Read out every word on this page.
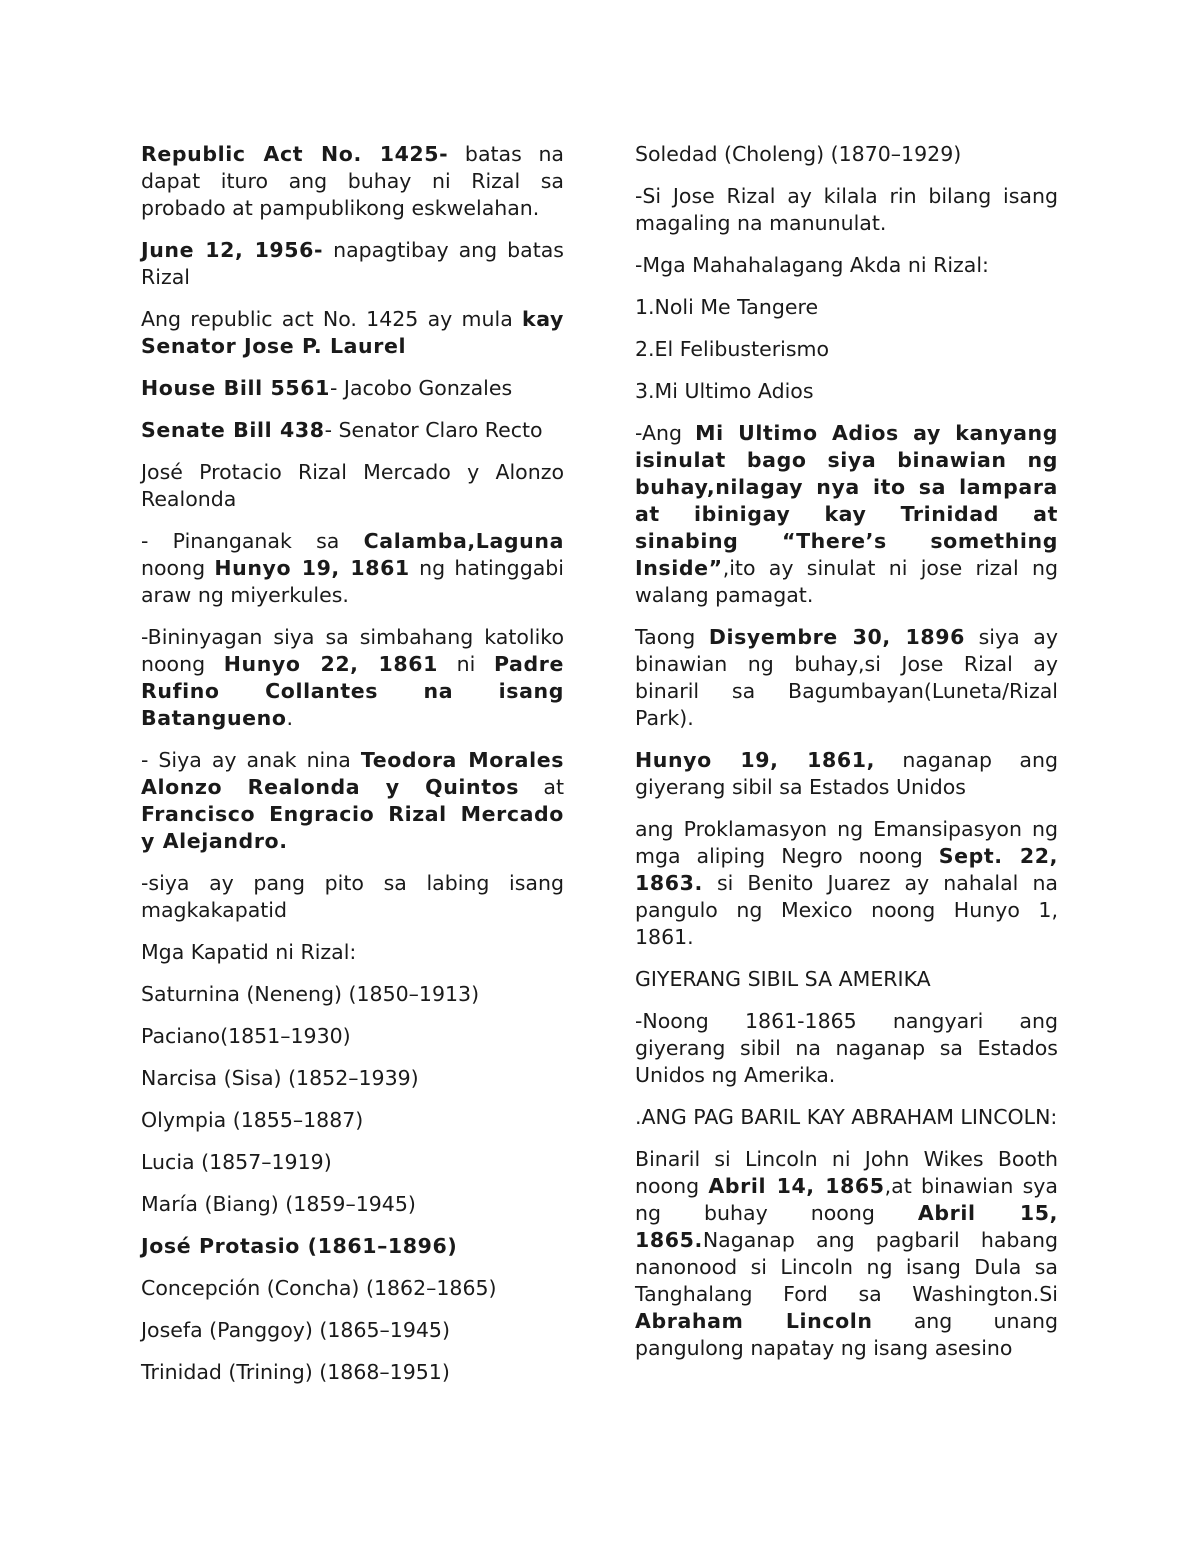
Republic Act No. 1425- batas na dapat ituro ang buhay ni Rizal sa probado at pampublikong eskwelahan.

June 12, 1956- napagtibay ang batas Rizal

Ang republic act No. 1425 ay mula kay Senator Jose P. Laurel

House Bill 5561- Jacobo Gonzales

Senate Bill 438- Senator Claro Recto

José Protacio Rizal Mercado y Alonzo Realonda

- Pinanganak sa Calamba,Laguna noong Hunyo 19, 1861 ng hatinggabi araw ng miyerkules.

-Bininyagan siya sa simbahang katoliko noong Hunyo 22, 1861 ni Padre Rufino Collantes na isang Batangueno.

- Siya ay anak nina Teodora Morales Alonzo Realonda y Quintos at Francisco Engracio Rizal Mercado y Alejandro.

-siya ay pang pito sa labing isang magkakapatid

Mga Kapatid ni Rizal:

Saturnina (Neneng) (1850–1913)

Paciano(1851–1930)

Narcisa (Sisa) (1852–1939)

Olympia (1855–1887)

Lucia (1857–1919)

María (Biang) (1859–1945)

José Protasio (1861–1896)

Concepción (Concha) (1862–1865)

Josefa (Panggoy) (1865–1945)

Trinidad (Trining) (1868–1951)

Soledad (Choleng) (1870–1929)

-Si Jose Rizal ay kilala rin bilang isang magaling na manunulat.

-Mga Mahahalagang Akda ni Rizal:

1.Noli Me Tangere

2.El Felibusterismo

3.Mi Ultimo Adios

-Ang Mi Ultimo Adios ay kanyang isinulat bago siya binawian ng buhay,nilagay nya ito sa lampara at ibinigay kay Trinidad at sinabing “There’s something Inside”,ito ay sinulat ni jose rizal ng walang pamagat.

Taong Disyembre 30, 1896 siya ay binawian ng buhay,si Jose Rizal ay binaril sa Bagumbayan(Luneta/Rizal Park).

Hunyo 19, 1861, naganap ang giyerang sibil sa Estados Unidos

ang Proklamasyon ng Emansipasyon ng mga aliping Negro noong Sept. 22, 1863. si Benito Juarez ay nahalal na pangulo ng Mexico noong Hunyo 1, 1861.

GIYERANG SIBIL SA AMERIKA

-Noong 1861-1865 nangyari ang giyerang sibil na naganap sa Estados Unidos ng Amerika.

.ANG PAG BARIL KAY ABRAHAM LINCOLN:

Binaril si Lincoln ni John Wikes Booth noong Abril 14, 1865,at binawian sya ng buhay noong Abril 15, 1865.Naganap ang pagbaril habang nanonood si Lincoln ng isang Dula sa Tanghalang Ford sa Washington.Si Abraham Lincoln ang unang pangulong napatay ng isang asesino
